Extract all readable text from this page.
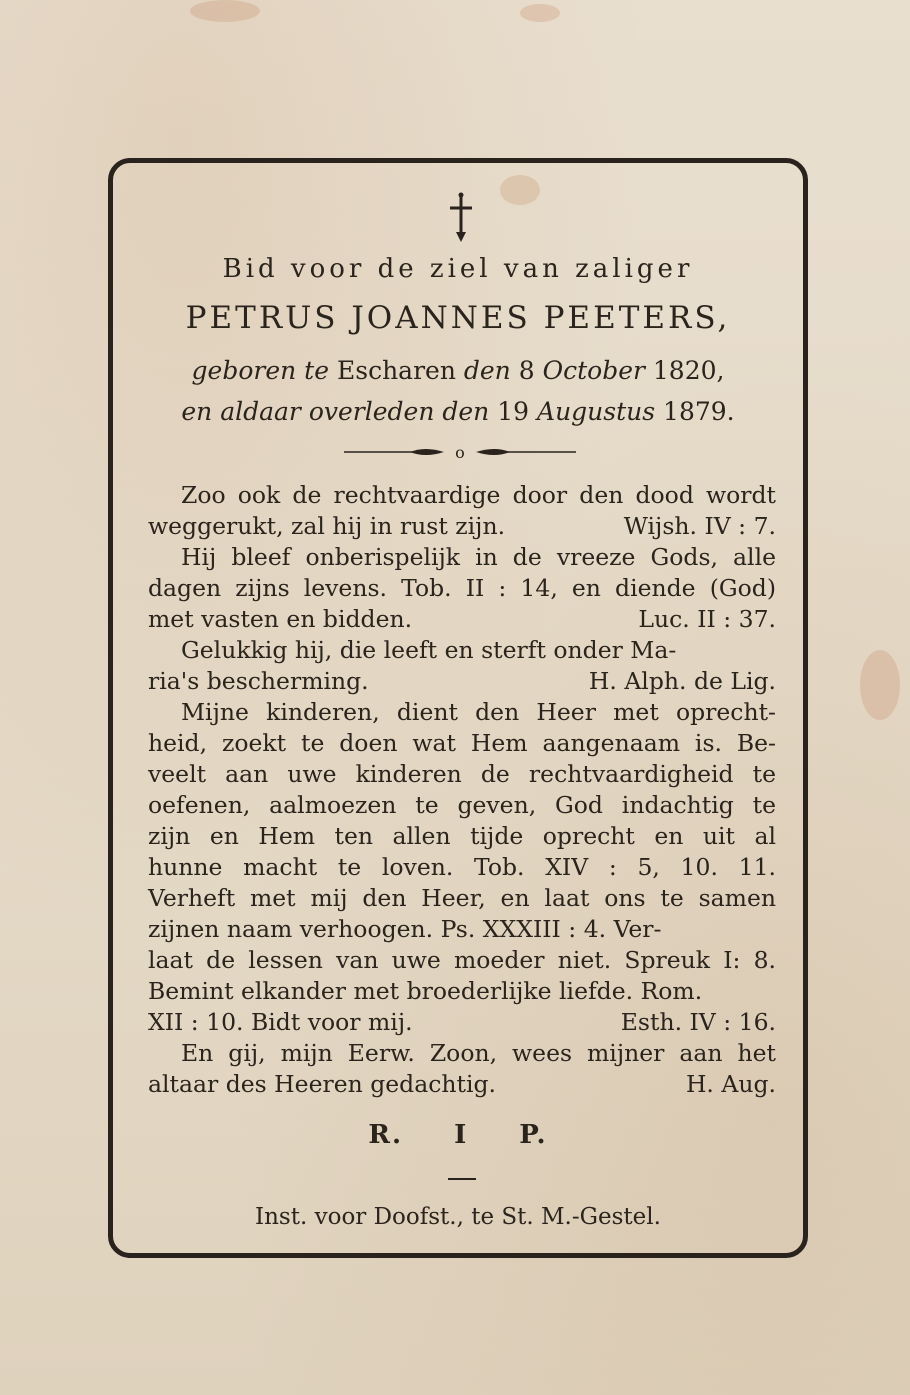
Bid voor de ziel van zaliger
PETRUS JOANNES PEETERS,
geboren te Escharen den 8 October 1820,
en aldaar overleden den 19 Augustus 1879.
o
Zoo ook de rechtvaardige door den dood wordt
weggerukt, zal hij in rust zijn.	Wijsh. IV : 7.
Hij bleef onberispelijk in de vreeze Gods, alle
dagen zijns levens. Tob. II : 14, en diende (God)
met vasten en bidden.	Luc. II : 37.
Gelukkig hij, die leeft en sterft onder Ma-
ria's bescherming.	H. Alph. de Lig.
Mijne kinderen, dient den Heer met oprecht-
heid, zoekt te doen wat Hem aangenaam is. Be-
veelt aan uwe kinderen de rechtvaardigheid te
oefenen, aalmoezen te geven, God indachtig te
zijn en Hem ten allen tijde oprecht en uit al
hunne macht te loven. Tob. XIV : 5, 10. 11.
Verheft met mij den Heer, en laat ons te samen
zijnen naam verhoogen. Ps. XXXIII : 4. Ver-
laat de lessen van uwe moeder niet. Spreuk I: 8.
Bemint elkander met broederlijke liefde. Rom.
XII : 10. Bidt voor mij.	Esth. IV : 16.
En gij, mijn Eerw. Zoon, wees mijner aan het
altaar des Heeren gedachtig.	H. Aug.
R. I P.
Inst. voor Doofst., te St. M.-Gestel.
